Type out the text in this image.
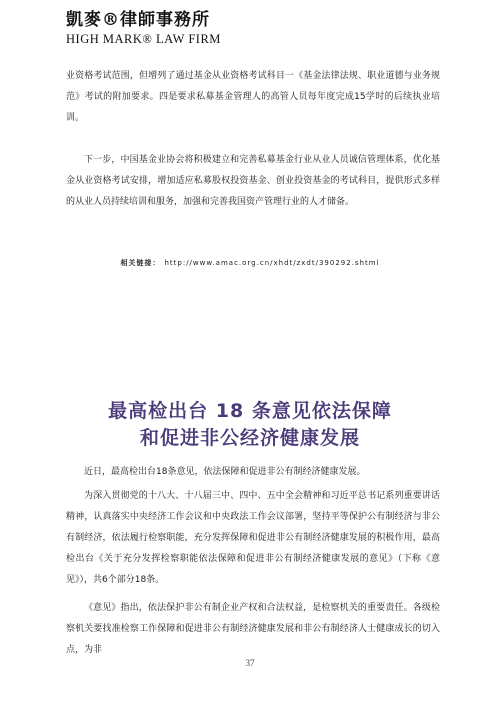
凱麥®律師事務所
HIGH MARK® LAW FIRM

业资格考试范围，但增列了通过基金从业资格考试科目一《基金法律法规、职业道德与业务规范》考试的附加要求。四是要求私募基金管理人的高管人员每年度完成15学时的后续执业培训。

下一步，中国基金业协会将积极建立和完善私募基金行业从业人员诚信管理体系，优化基金从业资格考试安排，增加适应私募股权投资基金、创业投资基金的考试科目，提供形式多样的从业人员持续培训和服务，加强和完善我国资产管理行业的人才储备。

相关链接： http://www.amac.org.cn/xhdt/zxdt/390292.shtml
最高检出台 18 条意见依法保障
和促进非公经济健康发展

近日，最高检出台18条意见，依法保障和促进非公有制经济健康发展。

为深入贯彻党的十八大、十八届三中、四中、五中全会精神和习近平总书记系列重要讲话精神，认真落实中央经济工作会议和中央政法工作会议部署，坚持平等保护公有制经济与非公有制经济，依法履行检察职能，充分发挥保障和促进非公有制经济健康发展的积极作用，最高检出台《关于充分发挥检察职能依法保障和促进非公有制经济健康发展的意见》（下称《意见》），共6个部分18条。

《意见》指出，依法保护非公有制企业产权和合法权益，是检察机关的重要责任。各级检察机关要找准检察工作保障和促进非公有制经济健康发展和非公有制经济人士健康成长的切入点，为非

37
